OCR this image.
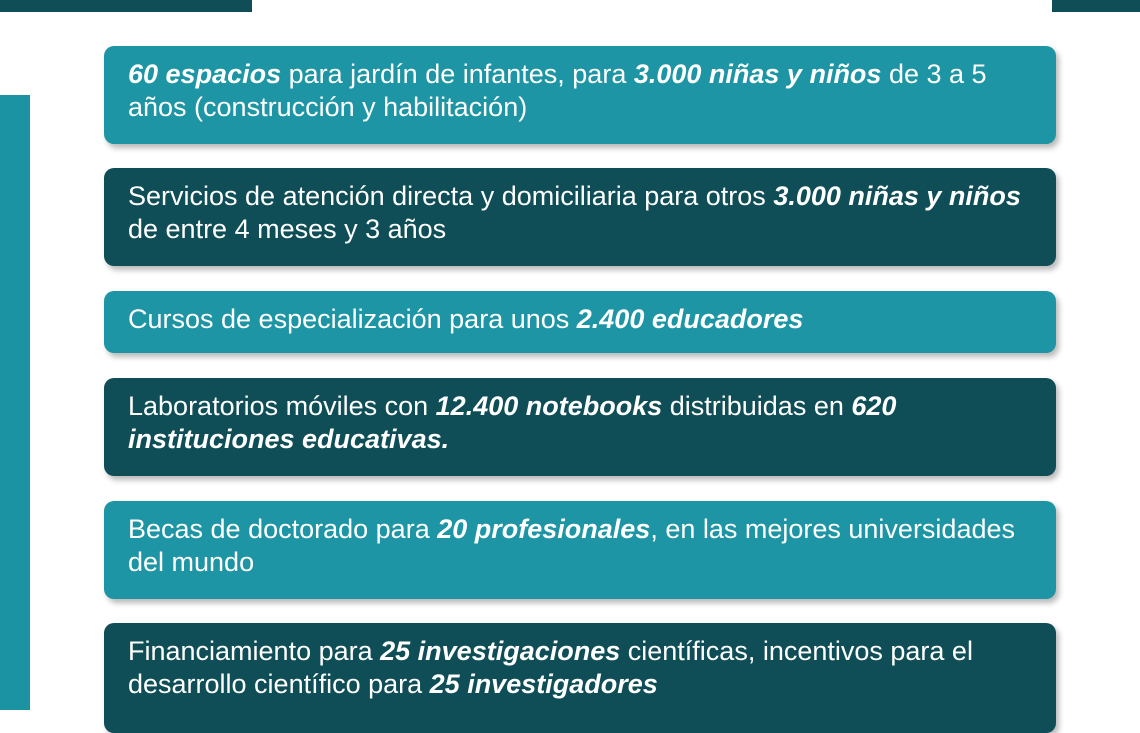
60 espacios para jardín de infantes, para 3.000 niñas y niños de 3 a 5 años (construcción y habilitación)
Servicios de atención directa y domiciliaria para otros 3.000 niñas y niños de entre 4 meses y 3 años
Cursos de especialización para unos 2.400 educadores
Laboratorios móviles con 12.400 notebooks distribuidas en 620 instituciones educativas.
Becas de doctorado para 20 profesionales, en las mejores universidades del mundo
Financiamiento para 25 investigaciones científicas, incentivos para el desarrollo científico para 25 investigadores
